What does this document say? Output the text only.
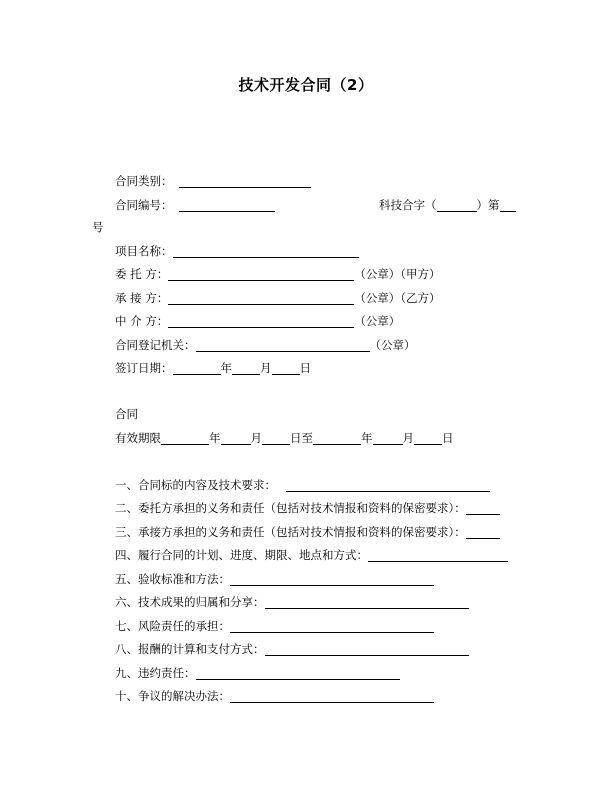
技术开发合同（2）
合同类别：
合同编号：	科技合字（	）第
号
项目名称：
委 托 方：	（公章）（甲方）
承 接 方：	（公章）（乙方）
中 介 方：	（公章）
合同登记机关：	（公章）
签订日期：	年 月 日
合同
有效期限	年	月 日至	年	月 日
一、合同标的内容及技术要求：
二、委托方承担的义务和责任（包括对技术情报和资料的保密要求）：
三、承接方承担的义务和责任（包括对技术情报和资料的保密要求）：
四、履行合同的计划、进度、期限、地点和方式：
五、验收标准和方法：
六、技术成果的归属和分享：
七、风险责任的承担：
八、报酬的计算和支付方式：
九、违约责任：
十、争议的解决办法：
